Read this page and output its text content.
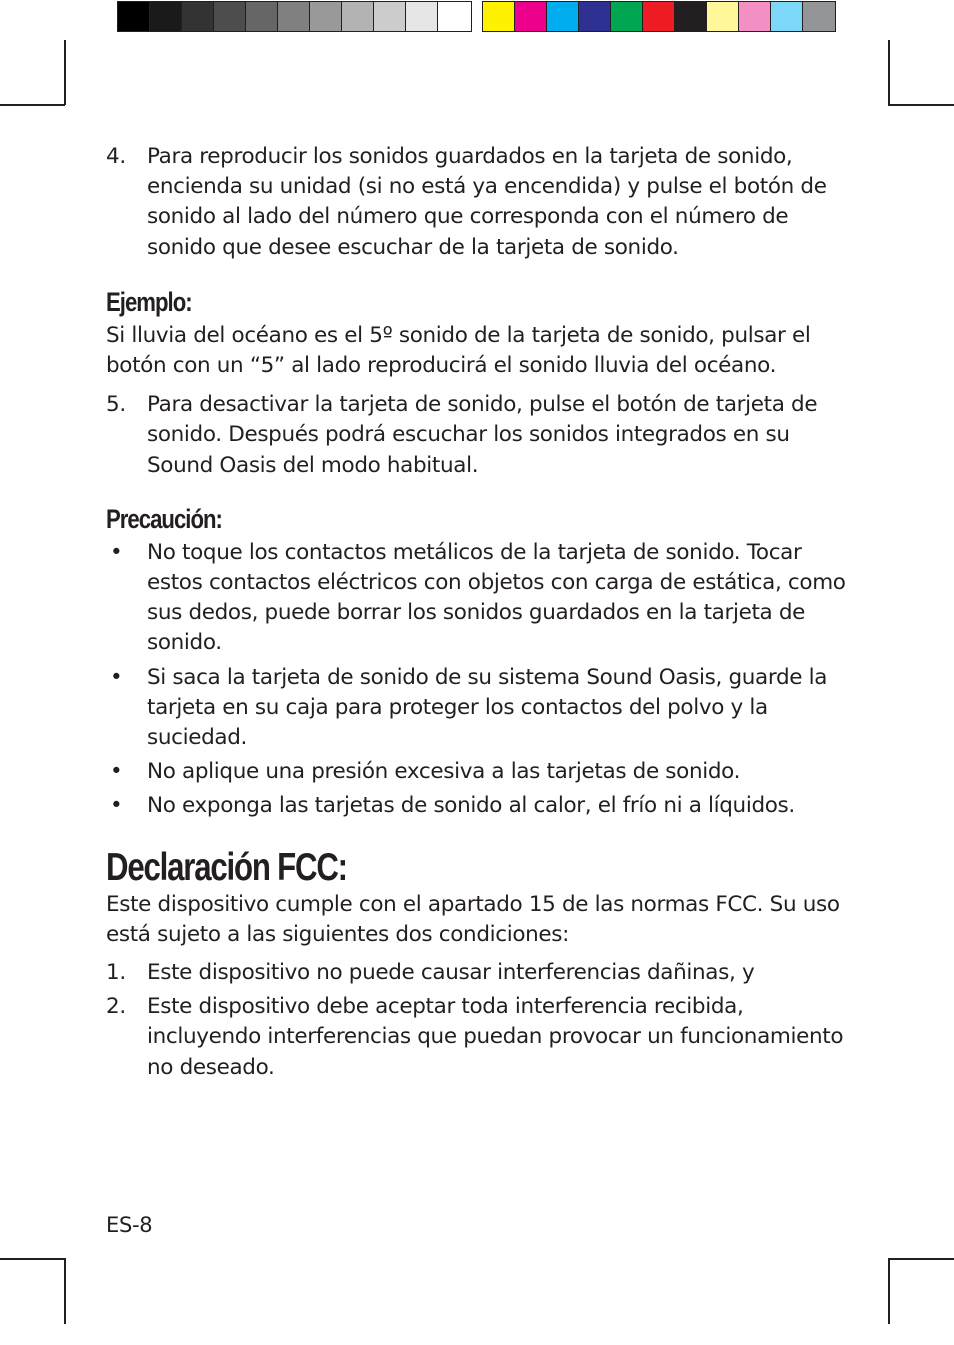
4. Para reproducir los sonidos guardados en la tarjeta de sonido, encienda su unidad (si no está ya encendida) y pulse el botón de sonido al lado del número que corresponda con el número de sonido que desee escuchar de la tarjeta de sonido.
Ejemplo:
Si lluvia del océano es el 5º sonido de la tarjeta de sonido, pulsar el botón con un “5” al lado reproducirá el sonido lluvia del océano.
5. Para desactivar la tarjeta de sonido, pulse el botón de tarjeta de sonido. Después podrá escuchar los sonidos integrados en su Sound Oasis del modo habitual.
Precaución:
•	No toque los contactos metálicos de la tarjeta de sonido. Tocar estos contactos eléctricos con objetos con carga de estática, como sus dedos, puede borrar los sonidos guardados en la tarjeta de sonido.
•	Si saca la tarjeta de sonido de su sistema Sound Oasis, guarde la tarjeta en su caja para proteger los contactos del polvo y la suciedad.
•	No aplique una presión excesiva a las tarjetas de sonido.
•	No exponga las tarjetas de sonido al calor, el frío ni a líquidos.
Declaración FCC:
Este dispositivo cumple con el apartado 15 de las normas FCC. Su uso está sujeto a las siguientes dos condiciones:
1. Este dispositivo no puede causar interferencias dañinas, y
2. Este dispositivo debe aceptar toda interferencia recibida, incluyendo interferencias que puedan provocar un funcionamiento no deseado.
ES-8
